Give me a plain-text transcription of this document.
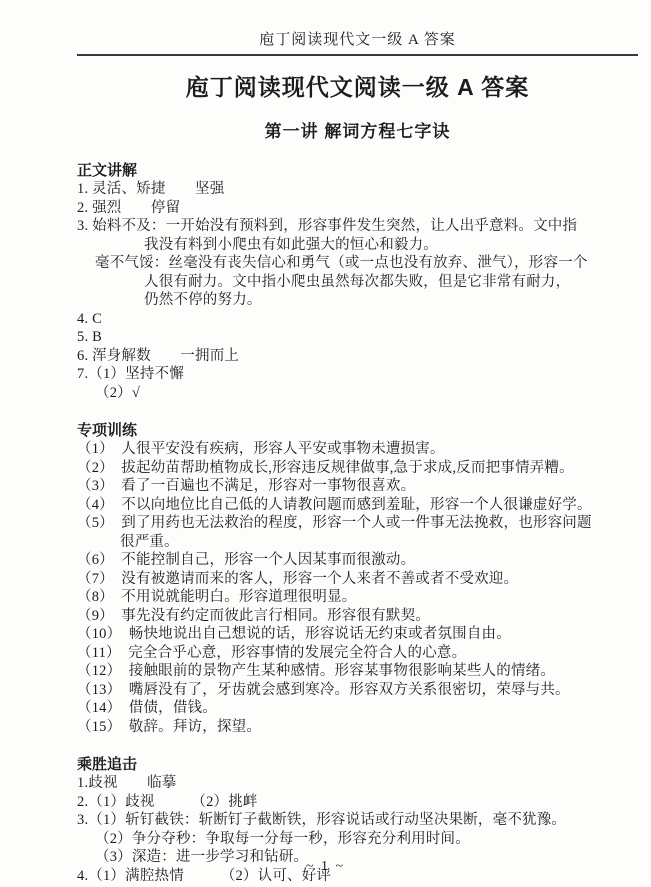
庖丁阅读现代文一级 A 答案
庖丁阅读现代文阅读一级 A 答案
第一讲 解词方程七字诀
正文讲解
1. 灵活、矫捷　　坚强
2. 强烈　　停留
3. 始料不及：一开始没有预料到，形容事件发生突然，让人出乎意料。文中指
我没有料到小爬虫有如此强大的恒心和毅力。
毫不气馁：丝毫没有丧失信心和勇气（或一点也没有放弃、泄气），形容一个
人很有耐力。文中指小爬虫虽然每次都失败，但是它非常有耐力，
仍然不停的努力。
4. C
5. B
6. 浑身解数　　一拥而上
7.（1）坚持不懈
（2）√
专项训练
（1）　人很平安没有疾病，形容人平安或事物未遭损害。
（2）　拔起幼苗帮助植物成长,形容违反规律做事,急于求成,反而把事情弄糟。
（3）　看了一百遍也不满足，形容对一事物很喜欢。
（4）　不以向地位比自己低的人请教问题而感到羞耻，形容一个人很谦虚好学。
（5）　到了用药也无法救治的程度，形容一个人或一件事无法挽救，也形容问题
很严重。
（6）　不能控制自己，形容一个人因某事而很激动。
（7）　没有被邀请而来的客人，形容一个人来者不善或者不受欢迎。
（8）　不用说就能明白。形容道理很明显。
（9）　事先没有约定而彼此言行相同。形容很有默契。
（10）　畅快地说出自己想说的话，形容说话无约束或者氛围自由。
（11）　完全合乎心意，形容事情的发展完全符合人的心意。
（12）　接触眼前的景物产生某种感情。形容某事物很影响某些人的情绪。
（13）　嘴唇没有了，牙齿就会感到寒冷。形容双方关系很密切，荣辱与共。
（14）　借债，借钱。
（15）　敬辞。拜访，探望。
乘胜追击
1.歧视　　临摹
2.（1）歧视　　　（2）挑衅
3.（1）斩钉截铁：斩断钉子截断铁，形容说话或行动坚决果断，毫不犹豫。
（2）争分夺秒：争取每一分每一秒，形容充分利用时间。
（3）深造：进一步学习和钻研。
4.（1）满腔热情　　　（2）认可、好评
~ 1 ~
